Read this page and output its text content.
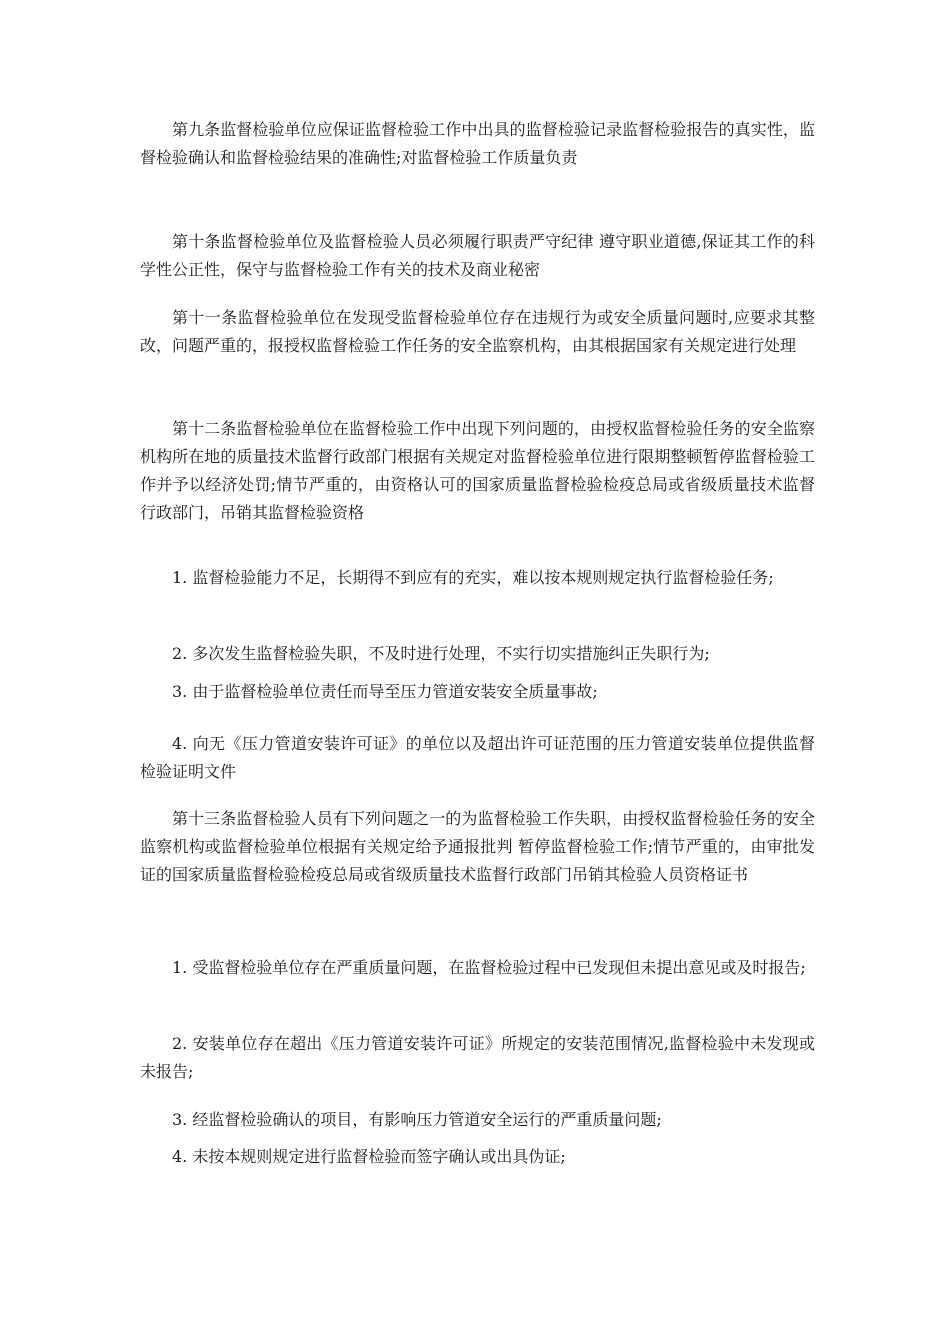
第九条监督检验单位应保证监督检验工作中出具的监督检验记录监督检验报告的真实性，监督检验确认和监督检验结果的准确性;对监督检验工作质量负责

第十条监督检验单位及监督检验人员必须履行职责严守纪律 遵守职业道德,保证其工作的科学性公正性，保守与监督检验工作有关的技术及商业秘密

第十一条监督检验单位在发现受监督检验单位存在违规行为或安全质量问题时,应要求其整改，问题严重的，报授权监督检验工作任务的安全监察机构，由其根据国家有关规定进行处理

第十二条监督检验单位在监督检验工作中出现下列问题的，由授权监督检验任务的安全监察机构所在地的质量技术监督行政部门根据有关规定对监督检验单位进行限期整顿暂停监督检验工作并予以经济处罚;情节严重的，由资格认可的国家质量监督检验检疫总局或省级质量技术监督行政部门，吊销其监督检验资格

1. 监督检验能力不足，长期得不到应有的充实，难以按本规则规定执行监督检验任务;

2. 多次发生监督检验失职，不及时进行处理，不实行切实措施纠正失职行为;

3. 由于监督检验单位责任而导至压力管道安装安全质量事故;

4. 向无《压力管道安装许可证》的单位以及超出许可证范围的压力管道安装单位提供监督检验证明文件

第十三条监督检验人员有下列问题之一的为监督检验工作失职，由授权监督检验任务的安全监察机构或监督检验单位根据有关规定给予通报批判 暂停监督检验工作;情节严重的，由审批发证的国家质量监督检验检疫总局或省级质量技术监督行政部门吊销其检验人员资格证书

1. 受监督检验单位存在严重质量问题，在监督检验过程中已发现但未提出意见或及时报告;

2. 安装单位存在超出《压力管道安装许可证》所规定的安装范围情况,监督检验中未发现或未报告;

3. 经监督检验确认的项目，有影响压力管道安全运行的严重质量问题;

4. 未按本规则规定进行监督检验而签字确认或出具伪证;
